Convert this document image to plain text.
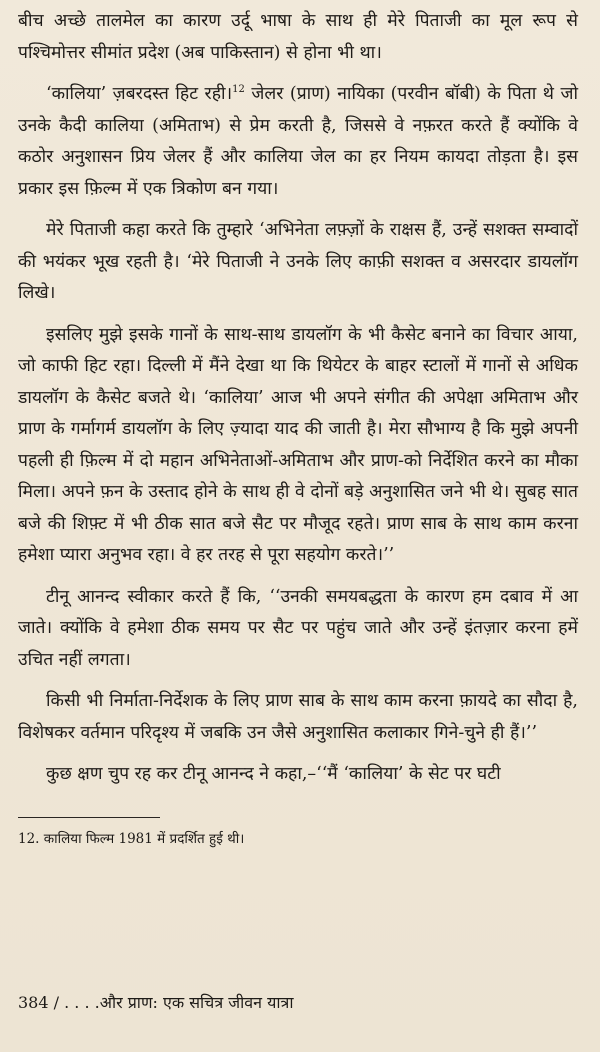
बीच अच्छे तालमेल का कारण उर्दू भाषा के साथ ही मेरे पिताजी का मूल रूप से पश्चिमोत्तर सीमांत प्रदेश (अब पाकिस्तान) से होना भी था।

‘कालिया’ ज़बरदस्त हिट रही।$^{12}$ जेलर (प्राण) नायिका (परवीन बॉबी) के पिता थे जो उनके कैदी कालिया (अमिताभ) से प्रेम करती है, जिससे वे नफ़रत करते हैं क्योंकि वे कठोर अनुशासन प्रिय जेलर हैं और कालिया जेल का हर नियम कायदा तोड़ता है। इस प्रकार इस फ़िल्म में एक त्रिकोण बन गया।

मेरे पिताजी कहा करते कि तुम्हारे ‘अभिनेता लफ़्ज़ों के राक्षस हैं, उन्हें सशक्त सम्वादों की भयंकर भूख रहती है। ‘मेरे पिताजी ने उनके लिए काफ़ी सशक्त व असरदार डायलॉग लिखे।

इसलिए मुझे इसके गानों के साथ-साथ डायलॉग के भी कैसेट बनाने का विचार आया, जो काफी हिट रहा। दिल्ली में मैंने देखा था कि थियेटर के बाहर स्टालों में गानों से अधिक डायलॉग के कैसेट बजते थे। ‘कालिया’ आज भी अपने संगीत की अपेक्षा अमिताभ और प्राण के गर्मागर्म डायलॉग के लिए ज़्यादा याद की जाती है। मेरा सौभाग्य है कि मुझे अपनी पहली ही फ़िल्म में दो महान अभिनेताओं-अमिताभ और प्राण-को निर्देशित करने का मौका मिला। अपने फ़न के उस्ताद होने के साथ ही वे दोनों बड़े अनुशासित जने भी थे। सुबह सात बजे की शिफ़्ट में भी ठीक सात बजे सैट पर मौजूद रहते। प्राण साब के साथ काम करना हमेशा प्यारा अनुभव रहा। वे हर तरह से पूरा सहयोग करते।’’

टीनू आनन्द स्वीकार करते हैं कि, ‘‘उनकी समयबद्धता के कारण हम दबाव में आ जाते। क्योंकि वे हमेशा ठीक समय पर सैट पर पहुंच जाते और उन्हें इंतज़ार करना हमें उचित नहीं लगता।

किसी भी निर्माता-निर्देशक के लिए प्राण साब के साथ काम करना फ़ायदे का सौदा है, विशेषकर वर्तमान परिदृश्य में जबकि उन जैसे अनुशासित कलाकार गिने-चुने ही हैं।’’

कुछ क्षण चुप रह कर टीनू आनन्द ने कहा,–‘‘मैं ‘कालिया’ के सेट पर घटी

12. कालिया फिल्म 1981 में प्रदर्शित हुई थी।

384 / . . . .और प्राण: एक सचित्र जीवन यात्रा
